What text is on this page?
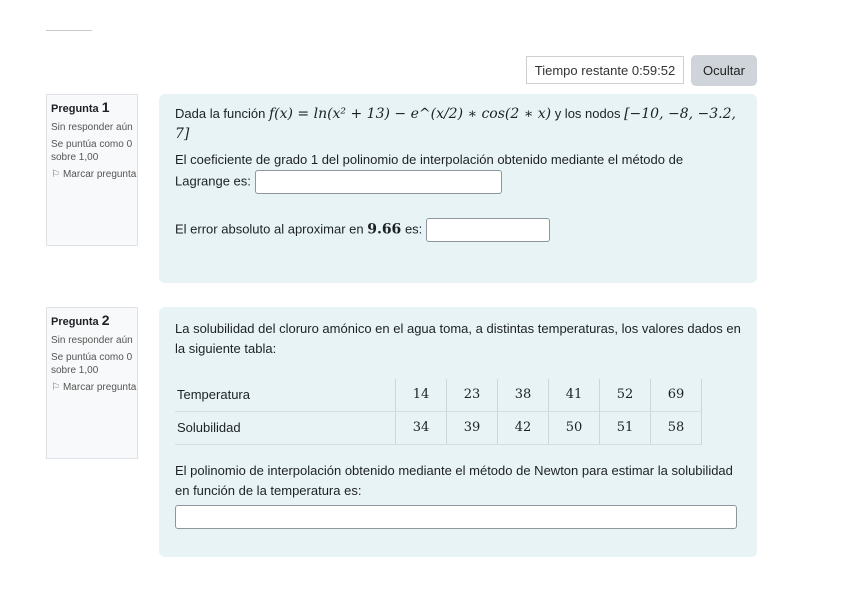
Tiempo restante 0:59:52	Ocultar
Pregunta 1
Sin responder aún
Se puntúa como 0 sobre 1,00
⚐ Marcar pregunta
Dada la función f(x) = ln(x² + 13) − e^(x/2) ∗ cos(2 ∗ x) y los nodos [−10, −8, −3.2, 7]
El coeficiente de grado 1 del polinomio de interpolación obtenido mediante el método de Lagrange es:
El error absoluto al aproximar en 9.66 es:
Pregunta 2
Sin responder aún
Se puntúa como 0 sobre 1,00
⚐ Marcar pregunta
La solubilidad del cloruro amónico en el agua toma, a distintas temperaturas, los valores dados en la siguiente tabla:
Temperatura	14	23	38	41	52	69
Solubilidad	34	39	42	50	51	58
El polinomio de interpolación obtenido mediante el método de Newton para estimar la solubilidad en función de la temperatura es:
